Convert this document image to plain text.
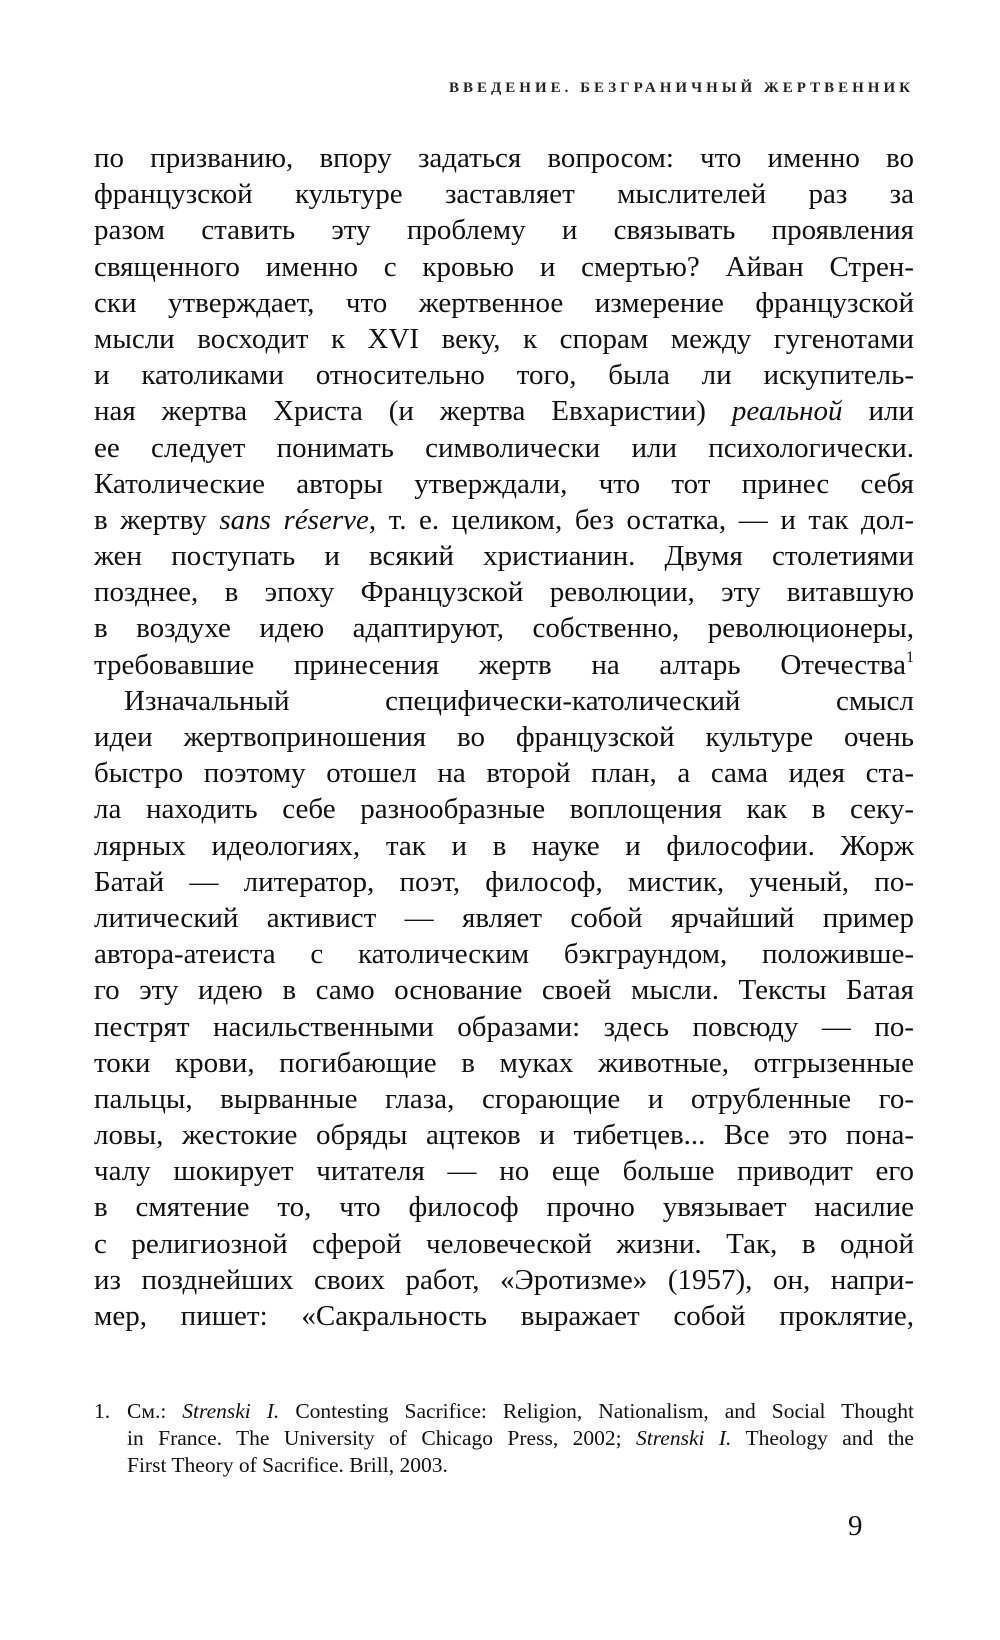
ВВЕДЕНИЕ. БЕЗГРАНИЧНЫЙ ЖЕРТВЕННИК
по призванию, впору задаться вопросом: что именно во
французской культуре заставляет мыслителей раз за
разом ставить эту проблему и связывать проявления
священного именно с кровью и смертью? Айван Стрен-
ски утверждает, что жертвенное измерение французской
мысли восходит к XVI веку, к спорам между гугенотами
и католиками относительно того, была ли искупитель-
ная жертва Христа (и жертва Евхаристии) реальной или
ее следует понимать символически или психологически.
Католические авторы утверждали, что тот принес себя
в жертву sans réserve, т. е. целиком, без остатка, — и так дол-
жен поступать и всякий христианин. Двумя столетиями
позднее, в эпоху Французской революции, эту витавшую
в воздухе идею адаптируют, собственно, революционеры,
требовавшие принесения жертв на алтарь Отечества$^1$
Изначальный специфически-католический смысл
идеи жертвоприношения во французской культуре очень
быстро поэтому отошел на второй план, а сама идея ста-
ла находить себе разнообразные воплощения как в секу-
лярных идеологиях, так и в науке и философии. Жорж
Батай — литератор, поэт, философ, мистик, ученый, по-
литический активист — являет собой ярчайший пример
автора-атеиста с католическим бэкграундом, положивше-
го эту идею в само основание своей мысли. Тексты Батая
пестрят насильственными образами: здесь повсюду — по-
токи крови, погибающие в муках животные, отгрызенные
пальцы, вырванные глаза, сгорающие и отрубленные го-
ловы, жестокие обряды ацтеков и тибетцев... Все это пона-
чалу шокирует читателя — но еще больше приводит его
в смятение то, что философ прочно увязывает насилие
с религиозной сферой человеческой жизни. Так, в одной
из позднейших своих работ, «Эротизме» (1957), он, напри-
мер, пишет: «Сакральность выражает собой проклятие,
1. См.: Strenski I. Contesting Sacrifice: Religion, Nationalism, and Social Thought
in France. The University of Chicago Press, 2002; Strenski I. Theology and the
First Theory of Sacrifice. Brill, 2003.
9
